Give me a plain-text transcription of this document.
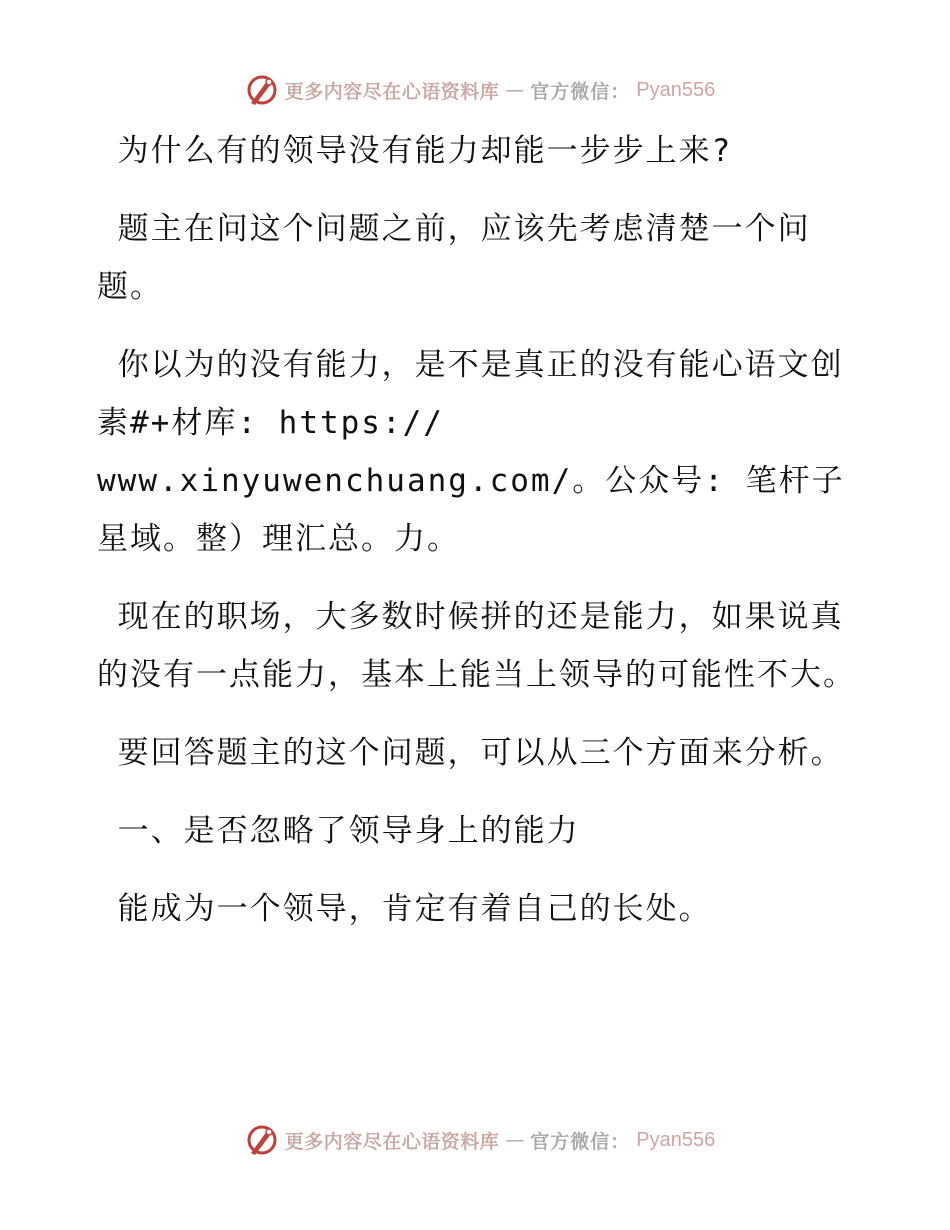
更多内容尽在心语资料库 — 官方微信： Pyan556

为什么有的领导没有能力却能一步步上来?

题主在问这个问题之前，应该先考虑清楚一个问题。

你以为的没有能力，是不是真正的没有能心语文创素#+材库: https://
www.xinyuwenchuang.com/。公众号: 笔杆子星域。整）理汇总。力。

现在的职场，大多数时候拼的还是能力，如果说真的没有一点能力，基本上能当上领导的可能性不大。

要回答题主的这个问题，可以从三个方面来分析。

一、是否忽略了领导身上的能力

能成为一个领导，肯定有着自己的长处。

更多内容尽在心语资料库 — 官方微信： Pyan556
